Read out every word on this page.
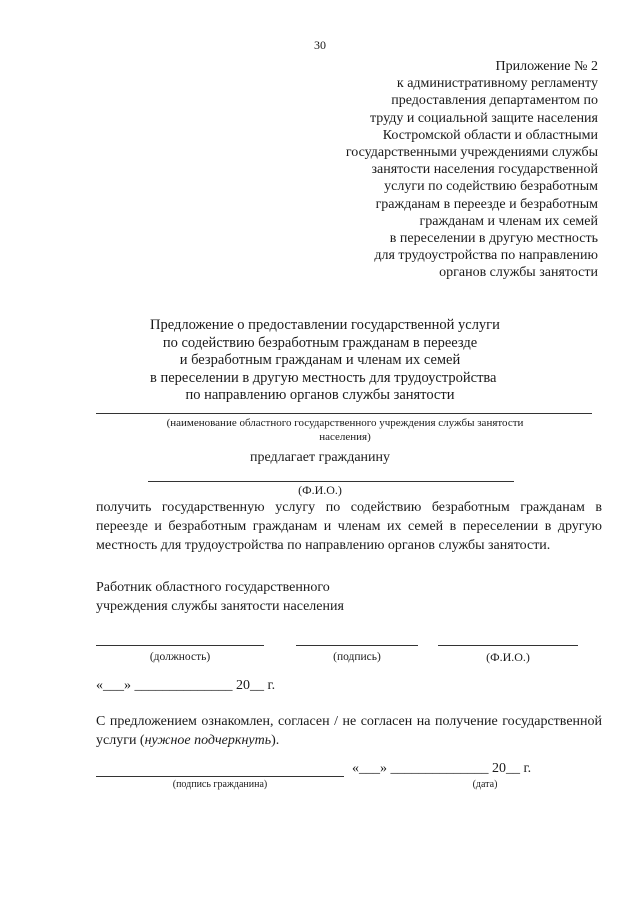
30
Приложение № 2
к административному регламенту
предоставления департаментом по
труду и социальной защите населения
Костромской области и областными
государственными учреждениями службы
занятости населения государственной
услуги по содействию безработным
гражданам в переезде и безработным
гражданам и членам их семей
в переселении в другую местность
для трудоустройства по направлению
органов службы занятости
Предложение о предоставлении государственной услуги
по содействию безработным гражданам в переезде
и безработным гражданам и членам их семей
в переселении в другую местность для трудоустройства
по направлению органов службы занятости
(наименование областного государственного учреждения службы занятости населения)
предлагает гражданину
(Ф.И.О.)
получить государственную услугу по содействию безработным гражданам в переезде и безработным гражданам и членам их семей в переселении в другую местность для трудоустройства по направлению органов службы занятости.
Работник областного государственного
учреждения службы занятости населения
(должность)	(подпись)	(Ф.И.О.)
«___» ______________ 20__ г.
С предложением ознакомлен, согласен / не согласен на получение государственной услуги (нужное подчеркнуть).
«___» ______________ 20__ г.
(подпись гражданина)	(дата)
